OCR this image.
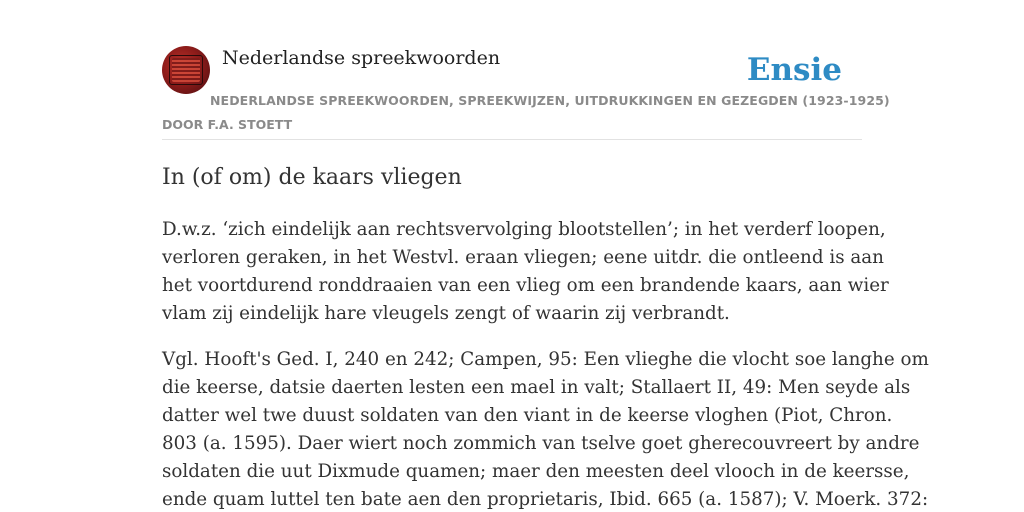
Nederlandse spreekwoorden	Ensie
NEDERLANDSE SPREEKWOORDEN, SPREEKWIJZEN, UITDRUKKINGEN EN GEZEGDEN (1923-1925)
DOOR F.A. STOETT
In (of om) de kaars vliegen

D.w.z. ‘zich eindelijk aan rechtsvervolging blootstellen’; in het verderf loopen,
verloren geraken, in het Westvl. eraan vliegen; eene uitdr. die ontleend is aan
het voortdurend ronddraaien van een vlieg om een brandende kaars, aan wier
vlam zij eindelijk hare vleugels zengt of waarin zij verbrandt.

Vgl. Hooft's Ged. I, 240 en 242; Campen, 95: Een vlieghe die vlocht soe langhe om
die keerse, datsie daerten lesten een mael in valt; Stallaert II, 49: Men seyde als
datter wel twe duust soldaten van den viant in de keerse vloghen (Piot, Chron.
803 (a. 1595). Daer wiert noch zommich van tselve goet gherecouvreert by andre
soldaten die uut Dixmude quamen; maer den meesten deel vlooch in de keersse,
ende quam luttel ten bate aen den proprietaris, Ibid. 665 (a. 1587); V. Moerk. 372:
